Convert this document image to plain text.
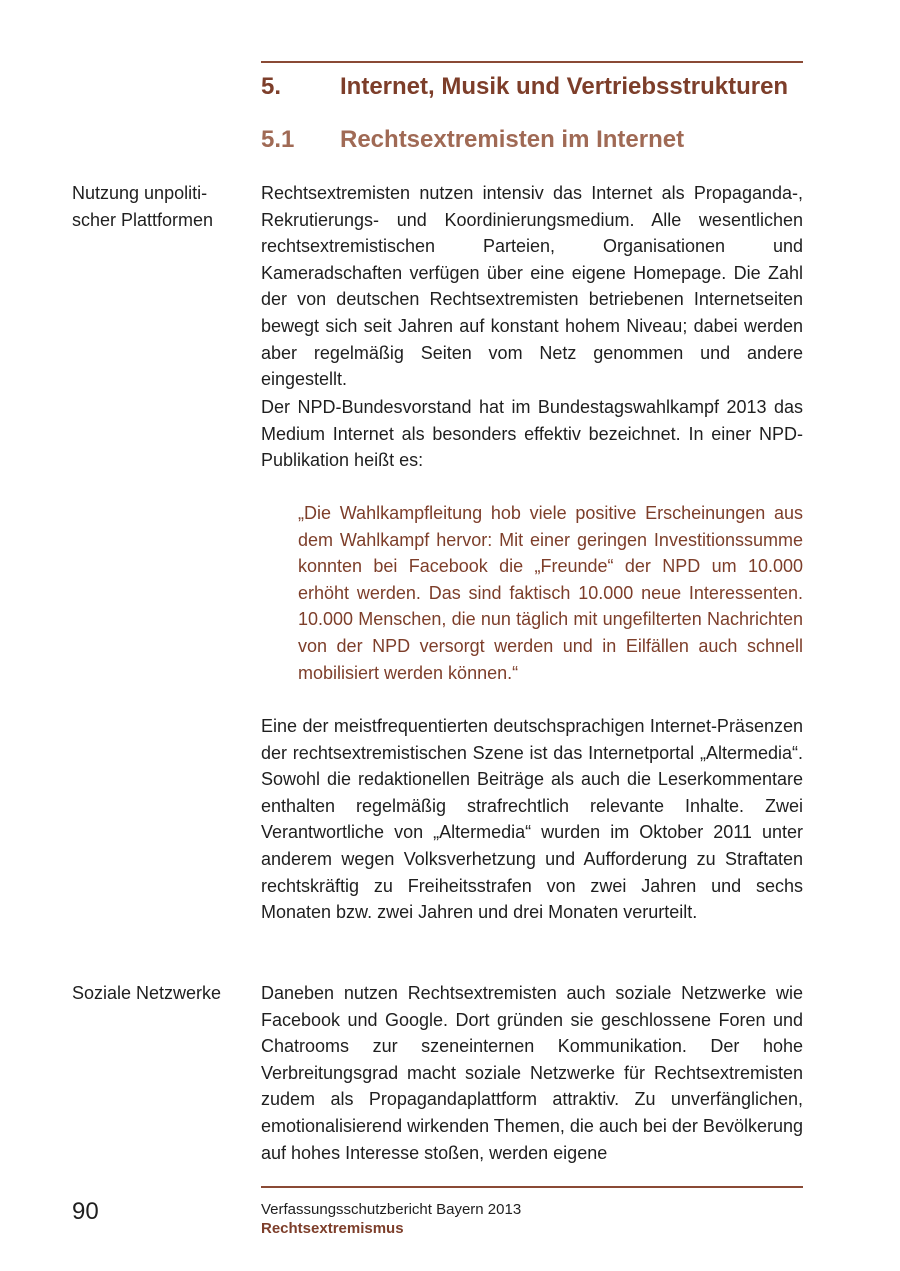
5. Internet, Musik und Vertriebsstrukturen
5.1 Rechtsextremisten im Internet
Nutzung unpoliti-
scher Plattformen

Rechtsextremisten nutzen intensiv das Internet als Propaganda-, Rekrutierungs- und Koordinierungsmedium. Alle wesentlichen rechtsextremistischen Parteien, Organisationen und Kameradschaften verfügen über eine eigene Homepage. Die Zahl der von deutschen Rechtsextremisten betriebenen Internetseiten bewegt sich seit Jahren auf konstant hohem Niveau; dabei werden aber regelmäßig Seiten vom Netz genommen und andere eingestellt.

Der NPD-Bundesvorstand hat im Bundestagswahlkampf 2013 das Medium Internet als besonders effektiv bezeichnet. In einer NPD-Publikation heißt es:

„Die Wahlkampfleitung hob viele positive Erscheinungen aus dem Wahlkampf hervor: Mit einer geringen Investitionssumme konnten bei Facebook die „Freunde“ der NPD um 10.000 erhöht werden. Das sind faktisch 10.000 neue Interessenten. 10.000 Menschen, die nun täglich mit ungefilterten Nachrichten von der NPD versorgt werden und in Eilfällen auch schnell mobilisiert werden können.“

Eine der meistfrequentierten deutschsprachigen Internet-Präsenzen der rechtsextremistischen Szene ist das Internetportal „Altermedia“. Sowohl die redaktionellen Beiträge als auch die Leserkommentare enthalten regelmäßig strafrechtlich relevante Inhalte. Zwei Verantwortliche von „Altermedia“ wurden im Oktober 2011 unter anderem wegen Volksverhetzung und Aufforderung zu Straftaten rechtskräftig zu Freiheitsstrafen von zwei Jahren und sechs Monaten bzw. zwei Jahren und drei Monaten verurteilt.

Soziale Netzwerke	Daneben nutzen Rechtsextremisten auch soziale Netzwerke wie Facebook und Google. Dort gründen sie geschlossene Foren und Chatrooms zur szeneinternen Kommunikation. Der hohe Verbreitungsgrad macht soziale Netzwerke für Rechtsextremisten zudem als Propagandaplattform attraktiv. Zu unverfänglichen, emotionalisierend wirkenden Themen, die auch bei der Bevölkerung auf hohes Interesse stoßen, werden eigene

90	Verfassungsschutzbericht Bayern 2013
Rechtsextremismus
